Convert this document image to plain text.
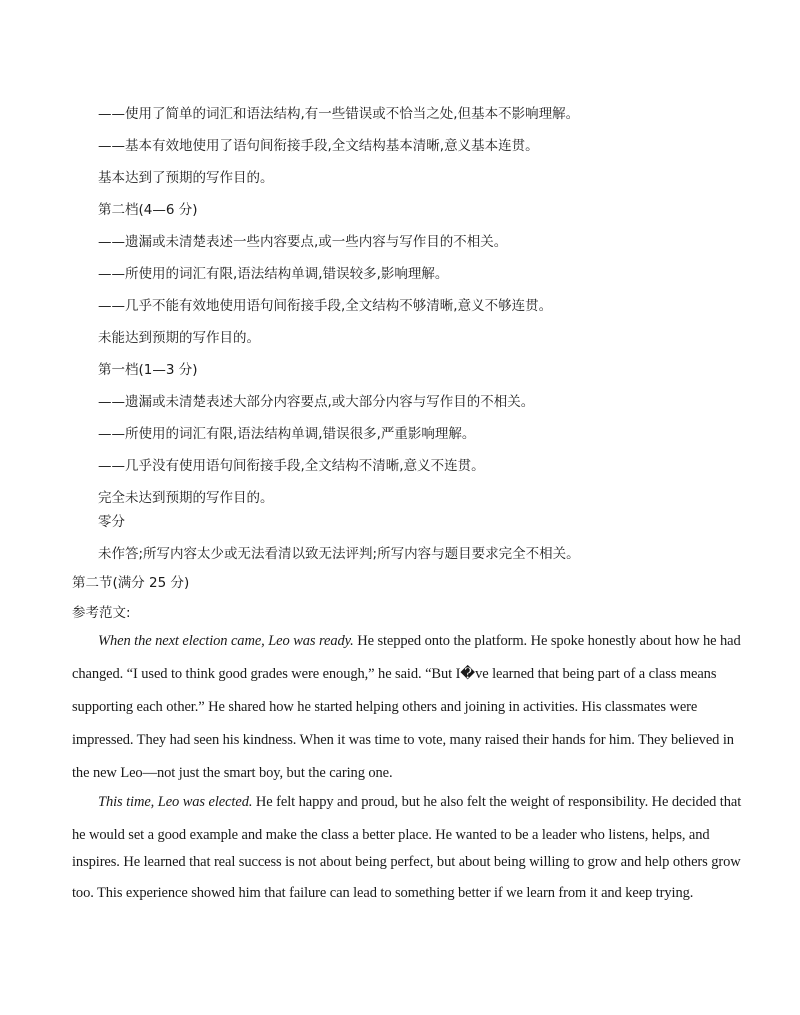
——使用了简单的词汇和语法结构,有一些错误或不恰当之处,但基本不影响理解。
——基本有效地使用了语句间衔接手段,全文结构基本清晰,意义基本连贯。
基本达到了预期的写作目的。
第二档(4—6 分)
——遗漏或未清楚表述一些内容要点,或一些内容与写作目的不相关。
——所使用的词汇有限,语法结构单调,错误较多,影响理解。
——几乎不能有效地使用语句间衔接手段,全文结构不够清晰,意义不够连贯。
未能达到预期的写作目的。
第一档(1—3 分)
——遗漏或未清楚表述大部分内容要点,或大部分内容与写作目的不相关。
——所使用的词汇有限,语法结构单调,错误很多,严重影响理解。
——几乎没有使用语句间衔接手段,全文结构不清晰,意义不连贯。
完全未达到预期的写作目的。
零分
未作答;所写内容太少或无法看清以致无法评判;所写内容与题目要求完全不相关。
第二节(满分 25 分)
参考范文:
When the next election came, Leo was ready. He stepped onto the platform. He spoke honestly about how he had
changed. “I used to think good grades were enough,” he said. “But I�ve learned that being part of a class means
supporting each other.” He shared how he started helping others and joining in activities. His classmates were
impressed. They had seen his kindness. When it was time to vote, many raised their hands for him. They believed in
the new Leo—not just the smart boy, but the caring one.
This time, Leo was elected. He felt happy and proud, but he also felt the weight of responsibility. He decided that
he would set a good example and make the class a better place. He wanted to be a leader who listens, helps, and
inspires. He learned that real success is not about being perfect, but about being willing to grow and help others grow
too. This experience showed him that failure can lead to something better if we learn from it and keep trying.
